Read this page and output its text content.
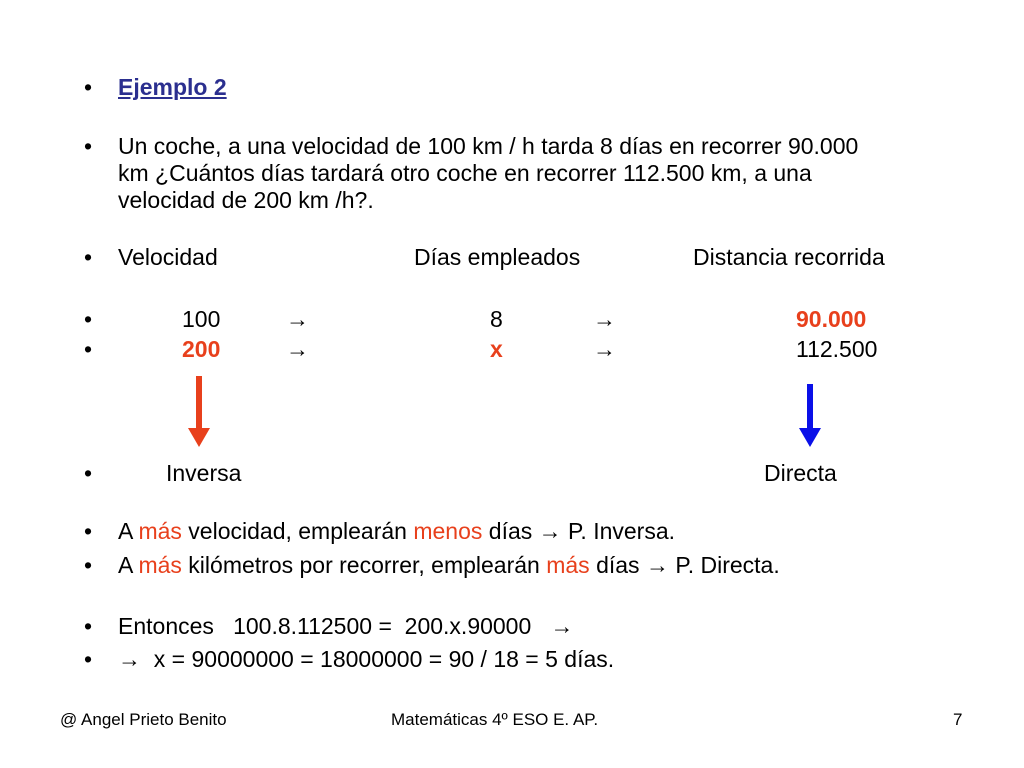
• Ejemplo 2
• Un coche, a una velocidad de 100 km / h tarda 8 días en recorrer 90.000
km ¿Cuántos días tardará otro coche en recorrer 112.500 km, a una
velocidad de 200 km /h?.
• Velocidad	Días empleados	Distancia recorrida
•	100	→	8	→	90.000
•	200	→	x	→	112.500
•	Inversa	Directa
• A más velocidad, emplearán menos días → P. Inversa.
• A más kilómetros por recorrer, emplearán más días → P. Directa.
• Entonces   100.8.112500 =  200.x.90000   →
• →  x = 90000000 = 18000000 = 90 / 18 = 5 días.
@ Angel Prieto Benito	Matemáticas 4º ESO E. AP.	7
